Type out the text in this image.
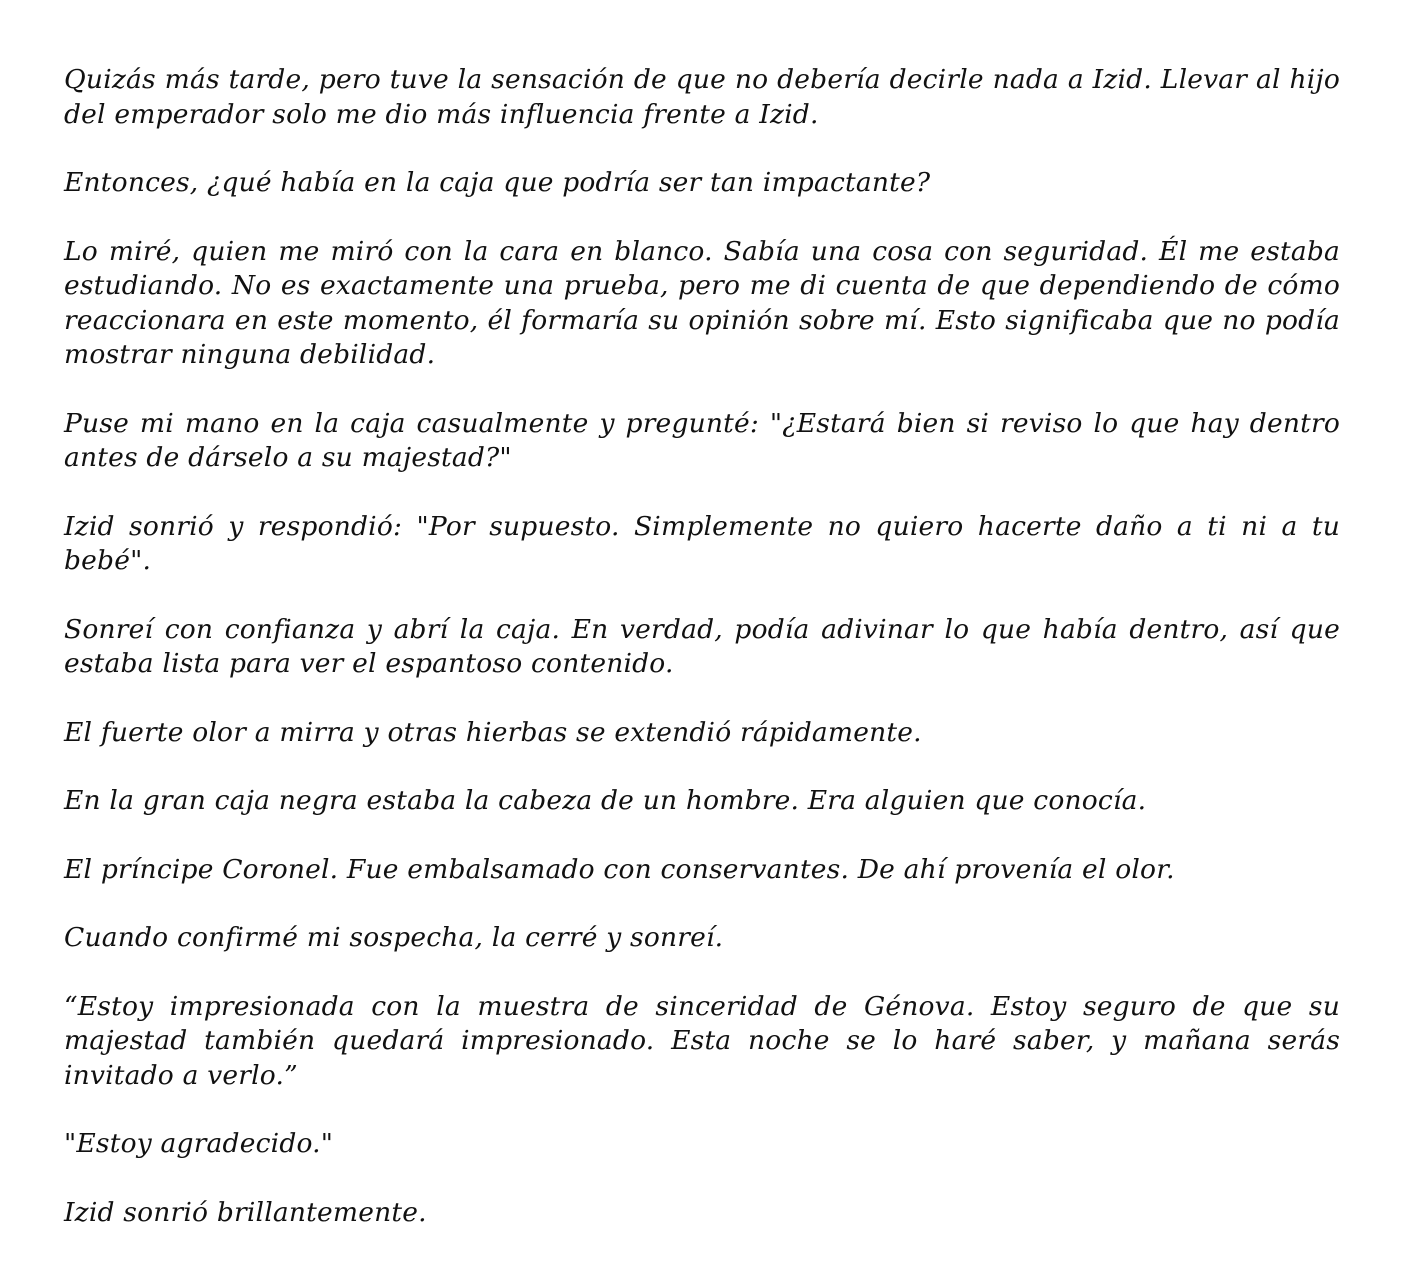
Quizás más tarde, pero tuve la sensación de que no debería decirle nada a Izid. Llevar al hijo del emperador solo me dio más influencia frente a Izid.

Entonces, ¿qué había en la caja que podría ser tan impactante?

Lo miré, quien me miró con la cara en blanco. Sabía una cosa con seguridad. Él me estaba estudiando. No es exactamente una prueba, pero me di cuenta de que dependiendo de cómo reaccionara en este momento, él formaría su opinión sobre mí. Esto significaba que no podía mostrar ninguna debilidad.

Puse mi mano en la caja casualmente y pregunté: "¿Estará bien si reviso lo que hay dentro antes de dárselo a su majestad?"

Izid sonrió y respondió: "Por supuesto. Simplemente no quiero hacerte daño a ti ni a tu bebé".

Sonreí con confianza y abrí la caja. En verdad, podía adivinar lo que había dentro, así que estaba lista para ver el espantoso contenido.

El fuerte olor a mirra y otras hierbas se extendió rápidamente.

En la gran caja negra estaba la cabeza de un hombre. Era alguien que conocía.

El príncipe Coronel. Fue embalsamado con conservantes. De ahí provenía el olor.

Cuando confirmé mi sospecha, la cerré y sonreí.

“Estoy impresionada con la muestra de sinceridad de Génova. Estoy seguro de que su majestad también quedará impresionado. Esta noche se lo haré saber, y mañana serás invitado a verlo.”

"Estoy agradecido."

Izid sonrió brillantemente.
